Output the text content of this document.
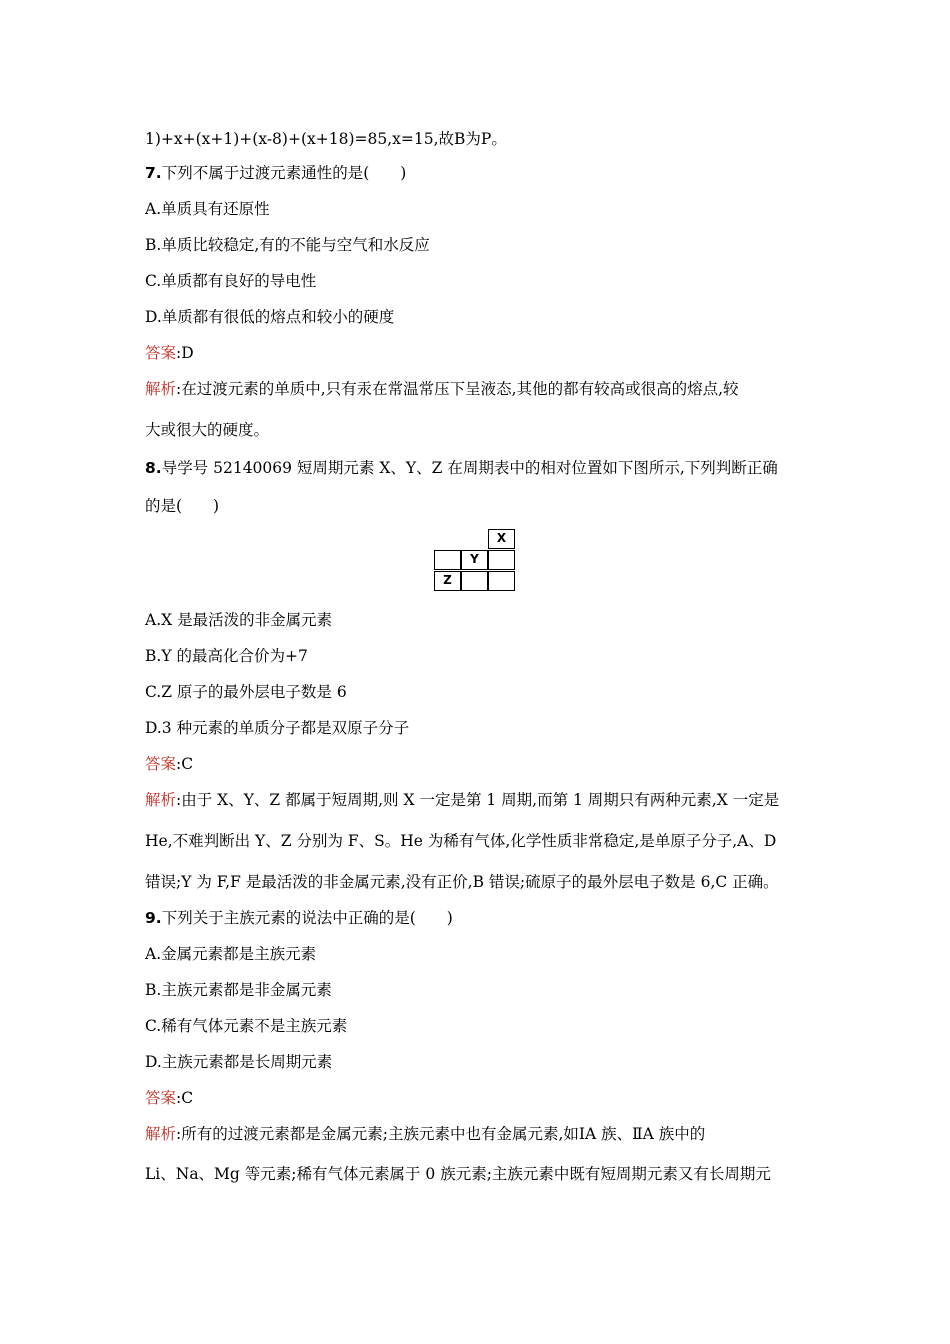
1)+x+(x+1)+(x-8)+(x+18)=85,x=15,故B为P。
7.下列不属于过渡元素通性的是(　　)
A.单质具有还原性
B.单质比较稳定,有的不能与空气和水反应
C.单质都有良好的导电性
D.单质都有很低的熔点和较小的硬度
答案:D
解析:在过渡元素的单质中,只有汞在常温常压下呈液态,其他的都有较高或很高的熔点,较
大或很大的硬度。
8.导学号 52140069 短周期元素 X、Y、Z 在周期表中的相对位置如下图所示,下列判断正确
的是(　　)
X
Y
Z
A.X 是最活泼的非金属元素
B.Y 的最高化合价为+7
C.Z 原子的最外层电子数是 6
D.3 种元素的单质分子都是双原子分子
答案:C
解析:由于 X、Y、Z 都属于短周期,则 X 一定是第 1 周期,而第 1 周期只有两种元素,X 一定是
He,不难判断出 Y、Z 分别为 F、S。He 为稀有气体,化学性质非常稳定,是单原子分子,A、D
错误;Y 为 F,F 是最活泼的非金属元素,没有正价,B 错误;硫原子的最外层电子数是 6,C 正确。
9.下列关于主族元素的说法中正确的是(　　)
A.金属元素都是主族元素
B.主族元素都是非金属元素
C.稀有气体元素不是主族元素
D.主族元素都是长周期元素
答案:C
解析:所有的过渡元素都是金属元素;主族元素中也有金属元素,如ⅠA 族、ⅡA 族中的
Li、Na、Mg 等元素;稀有气体元素属于 0 族元素;主族元素中既有短周期元素又有长周期元
